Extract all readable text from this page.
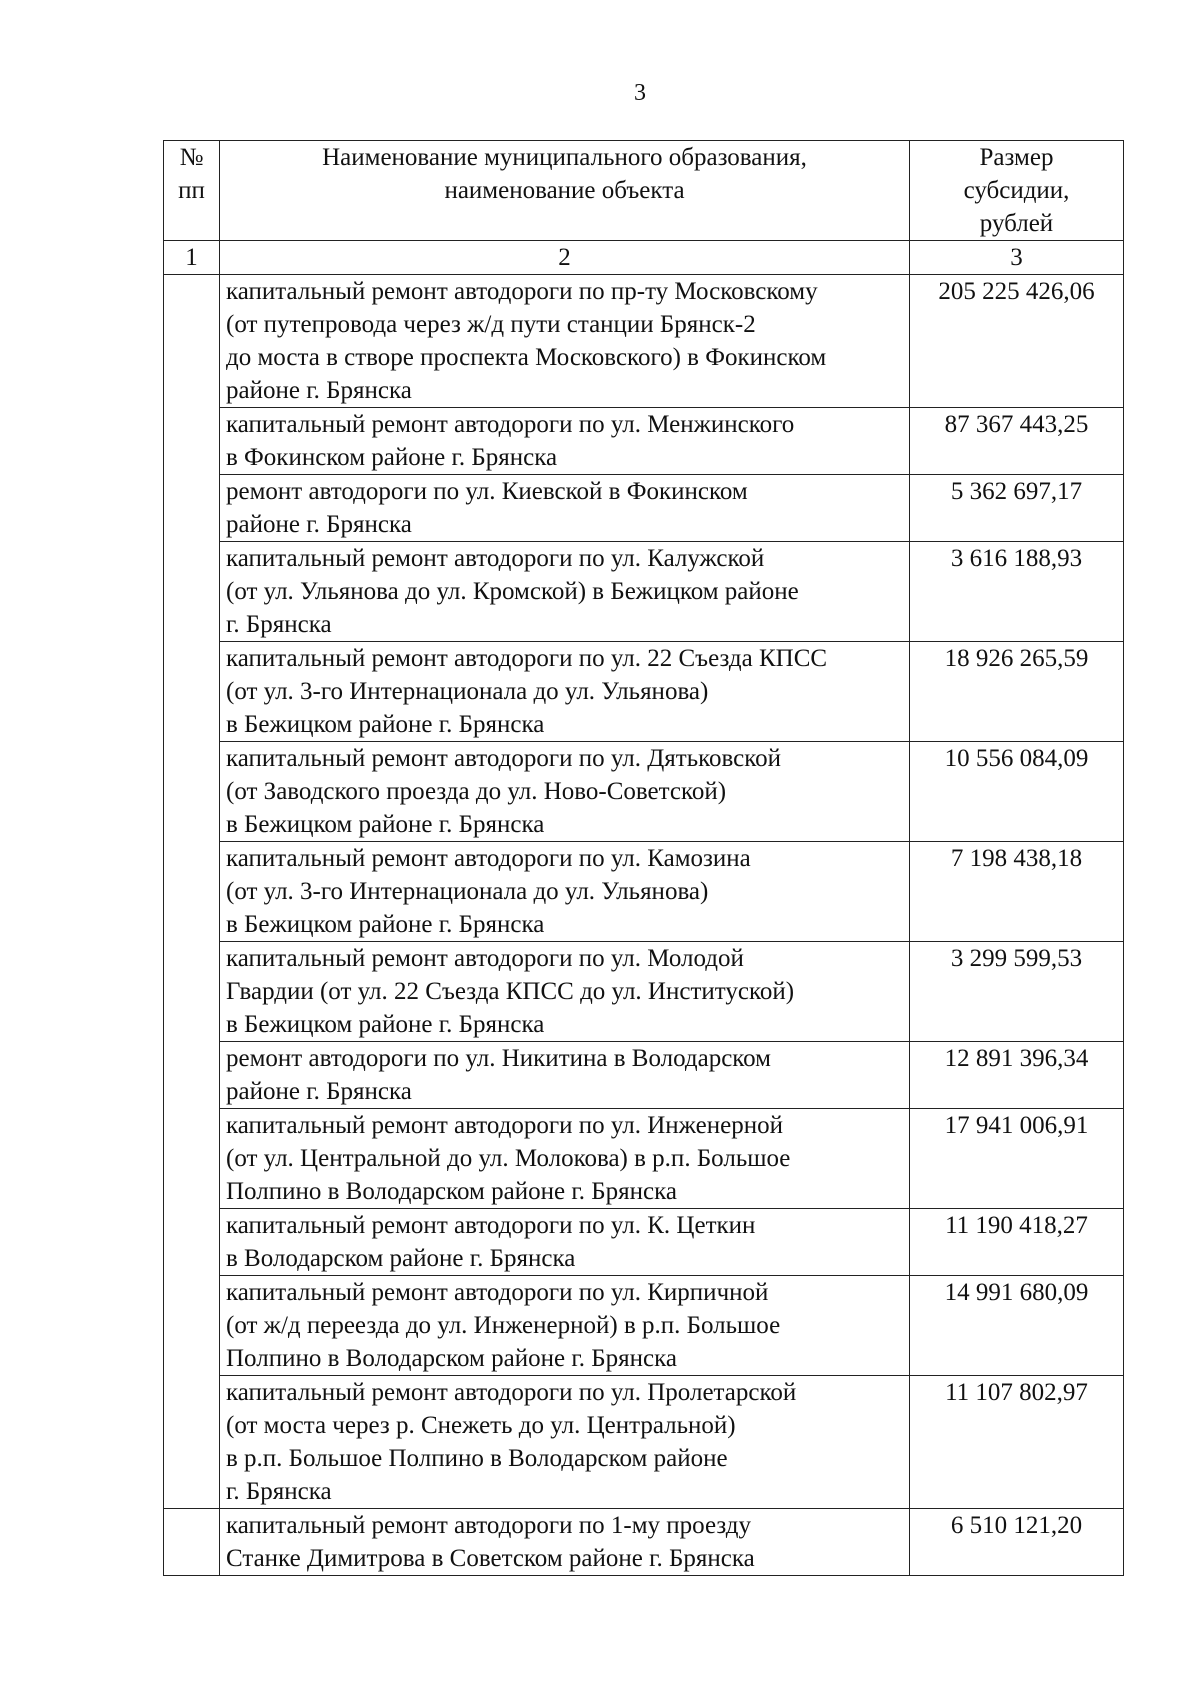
3
№
пп	Наименование муниципального образования,
наименование объекта	Размер
субсидии,
рублей

1	2	3

	капитальный ремонт автодороги по пр-ту Московскому
(от путепровода через ж/д пути станции Брянск-2
до моста в створе проспекта Московского) в Фокинском
районе г. Брянска	205 225 426,06

	капитальный ремонт автодороги по ул. Менжинского
в Фокинском районе г. Брянска	87 367 443,25

	ремонт автодороги по ул. Киевской в Фокинском
районе г. Брянска	5 362 697,17

	капитальный ремонт автодороги по ул. Калужской
(от ул. Ульянова до ул. Кромской) в Бежицком районе
г. Брянска	3 616 188,93

	капитальный ремонт автодороги по ул. 22 Съезда КПСС
(от ул. 3-го Интернационала до ул. Ульянова)
в Бежицком районе г. Брянска	18 926 265,59

	капитальный ремонт автодороги по ул. Дятьковской
(от Заводского проезда до ул. Ново-Советской)
в Бежицком районе г. Брянска	10 556 084,09

	капитальный ремонт автодороги по ул. Камозина
(от ул. 3-го Интернационала до ул. Ульянова)
в Бежицком районе г. Брянска	7 198 438,18

	капитальный ремонт автодороги по ул. Молодой
Гвардии (от ул. 22 Съезда КПСС до ул. Институской)
в Бежицком районе г. Брянска	3 299 599,53

	ремонт автодороги по ул. Никитина в Володарском
районе г. Брянска	12 891 396,34

	капитальный ремонт автодороги по ул. Инженерной
(от ул. Центральной до ул. Молокова) в р.п. Большое
Полпино в Володарском районе г. Брянска	17 941 006,91

	капитальный ремонт автодороги по ул. К. Цеткин
в Володарском районе г. Брянска	11 190 418,27

	капитальный ремонт автодороги по ул. Кирпичной
(от ж/д переезда до ул. Инженерной) в р.п. Большое
Полпино в Володарском районе г. Брянска	14 991 680,09

	капитальный ремонт автодороги по ул. Пролетарской
(от моста через р. Снежеть до ул. Центральной)
в р.п. Большое Полпино в Володарском районе
г. Брянска	11 107 802,97

	капитальный ремонт автодороги по 1-му проезду
Станке Димитрова в Советском районе г. Брянска	6 510 121,20
